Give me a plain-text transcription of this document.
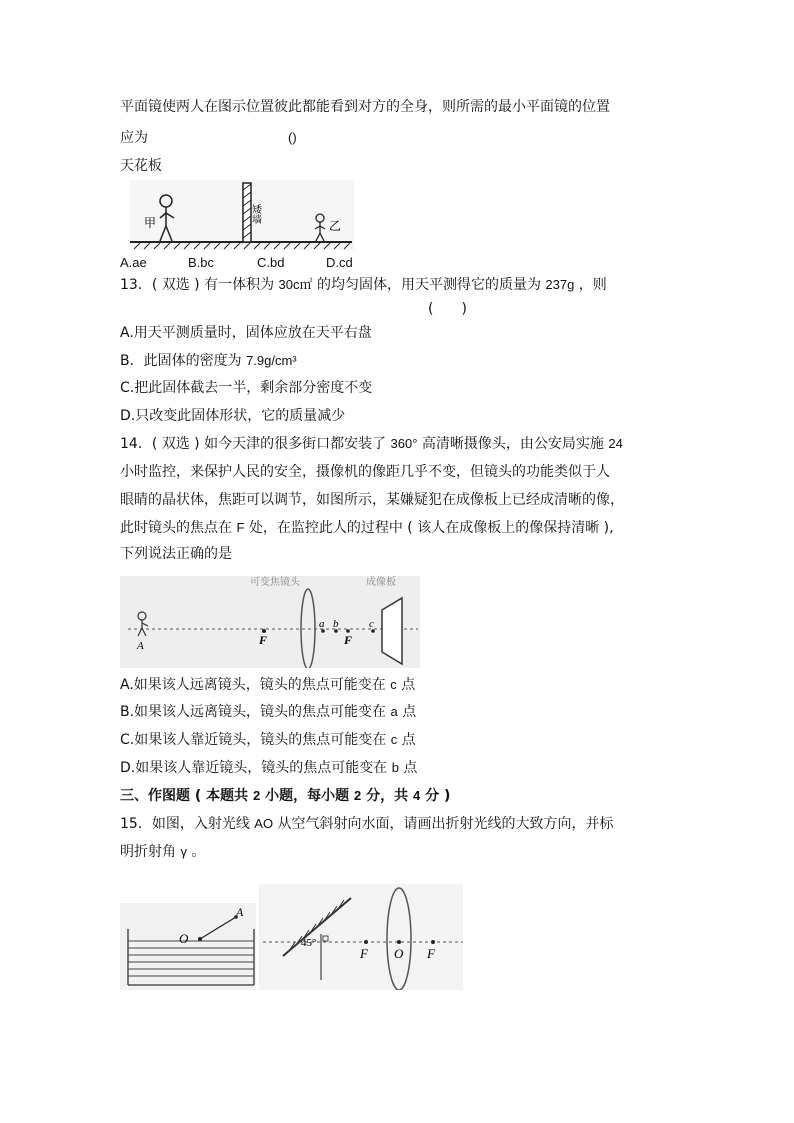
平面镜使两人在图示位置彼此都能看到对方的全身，则所需的最小平面镜的位置
应为	()
天花板
甲	矮墙
乙
A.ae	B.bc	C.bd	D.cd
13．( 双选 ) 有一体积为 30c㎡ 的均匀固体，用天平测得它的质量为 237g ，则
(　　)
A.用天平测质量时，固体应放在天平右盘
B．此固体的密度为 7.9g/cm³
C.把此固体截去一半，剩余部分密度不变
D.只改变此固体形状，它的质量减少
14．( 双选 ) 如今天津的很多街口都安装了 360° 高清晰摄像头，由公安局实施 24
小时监控，来保护人民的安全，摄像机的像距几乎不变，但镜头的功能类似于人
眼睛的晶状体，焦距可以调节，如图所示，某嫌疑犯在成像板上已经成清晰的像，
此时镜头的焦点在 F 处，在监控此人的过程中 ( 该人在成像板上的像保持清晰 ),
下列说法正确的是
可变焦镜头	成像板
A	F
a b
F
c
A.如果该人远离镜头，镜头的焦点可能变在 c 点
B.如果该人远离镜头，镜头的焦点可能变在 a 点
C.如果该人靠近镜头，镜头的焦点可能变在 c 点
D.如果该人靠近镜头，镜头的焦点可能变在 b 点
三、作图题 ( 本题共 2 小题，每小题 2 分，共 4 分 )
15．如图，入射光线 AO 从空气斜射向水面，请画出折射光线的大致方向，并标
明折射角 γ 。
O
A
45°
F O F
